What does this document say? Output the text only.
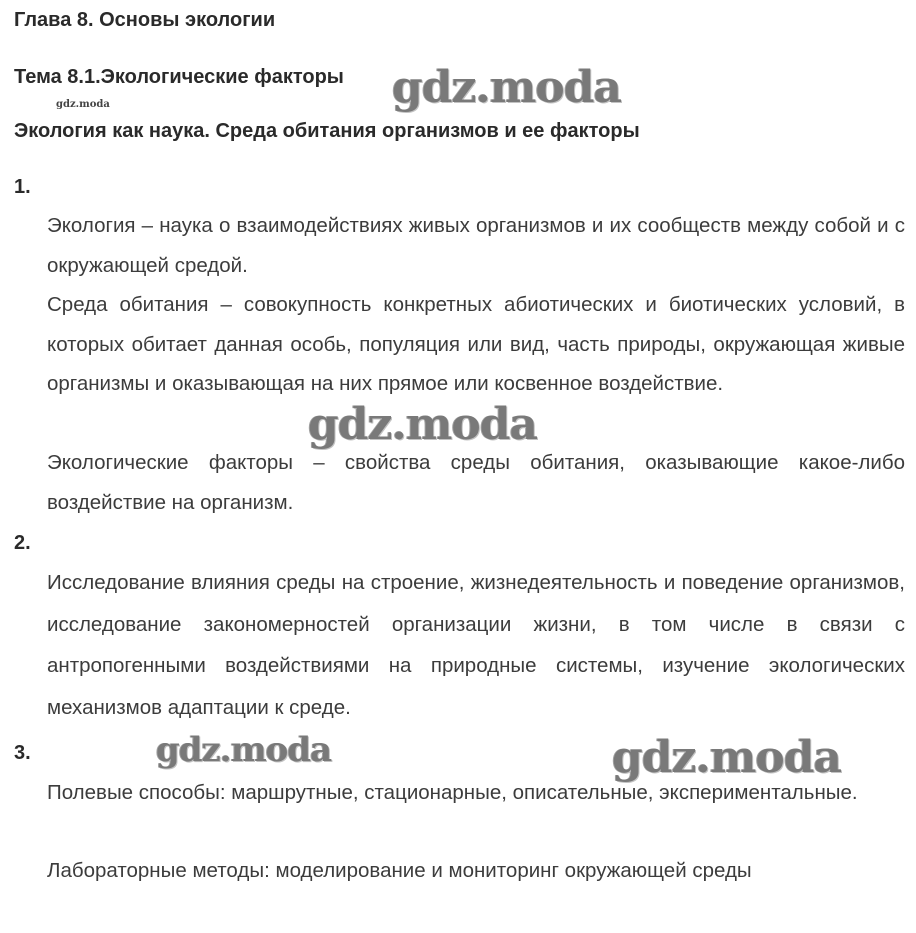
Глава 8. Основы экологии
Тема 8.1.Экологические факторы
gdz.moda	gdz.moda
Экология как наука. Среда обитания организмов и ее факторы
1.

Экология – наука о взаимодействиях живых организмов и их сообществ между собой и с окружающей средой.

Среда обитания – совокупность конкретных абиотических и биотических условий, в которых обитает данная особь, популяция или вид, часть природы, окружающая живые организмы и оказывающая на них прямое или косвенное воздействие.

gdz.moda

Экологические факторы – свойства среды обитания, оказывающие какое-либо воздействие на организм.

2.

Исследование влияния среды на строение, жизнедеятельность и поведение организмов, исследование закономерностей организации жизни, в том числе в связи с антропогенными воздействиями на природные системы, изучение экологических механизмов адаптации к среде.

3.	gdz.moda	gdz.moda

Полевые способы: маршрутные, стационарные, описательные, экспериментальные.

Лабораторные методы: моделирование и мониторинг окружающей среды
